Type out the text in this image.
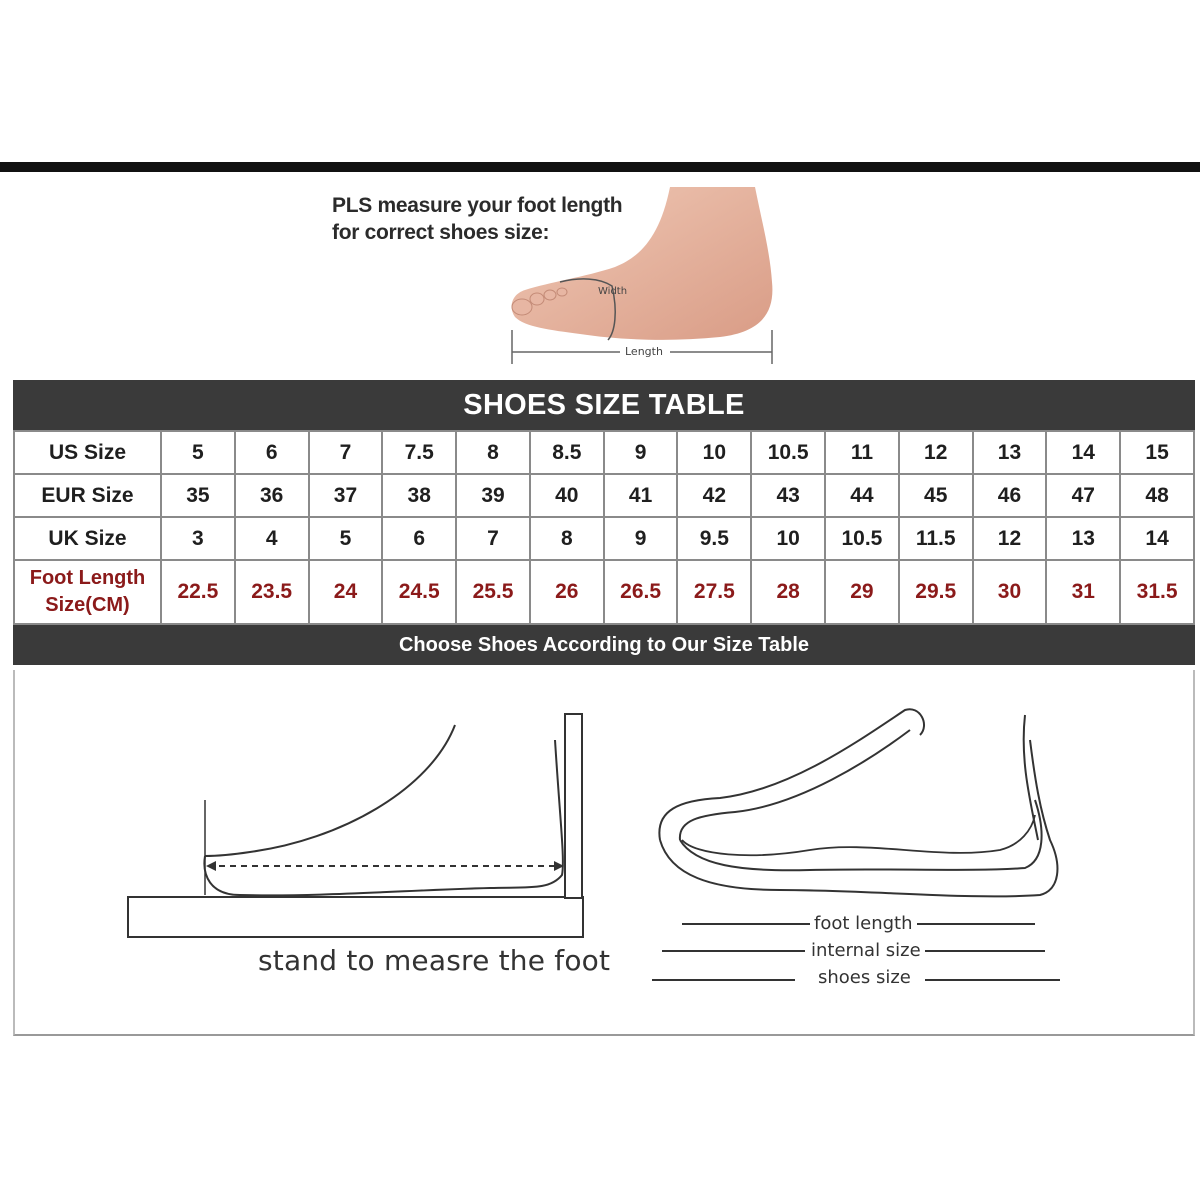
PLS measure your foot length
for correct shoes size:
Width
Length
SHOES SIZE TABLE
US Size	5	6	7	7.5	8	8.5	9	10	10.5	11	12	13	14	15
EUR Size	35	36	37	38	39	40	41	42	43	44	45	46	47	48
UK Size	3	4	5	6	7	8	9	9.5	10	10.5	11.5	12	13	14

Foot Length
Size(CM)	22.5	23.5	24	24.5	25.5	26	26.5	27.5	28	29	29.5	30	31	31.5
Choose Shoes According to Our Size Table
stand to measre the foot
foot length
internal size
shoes size
